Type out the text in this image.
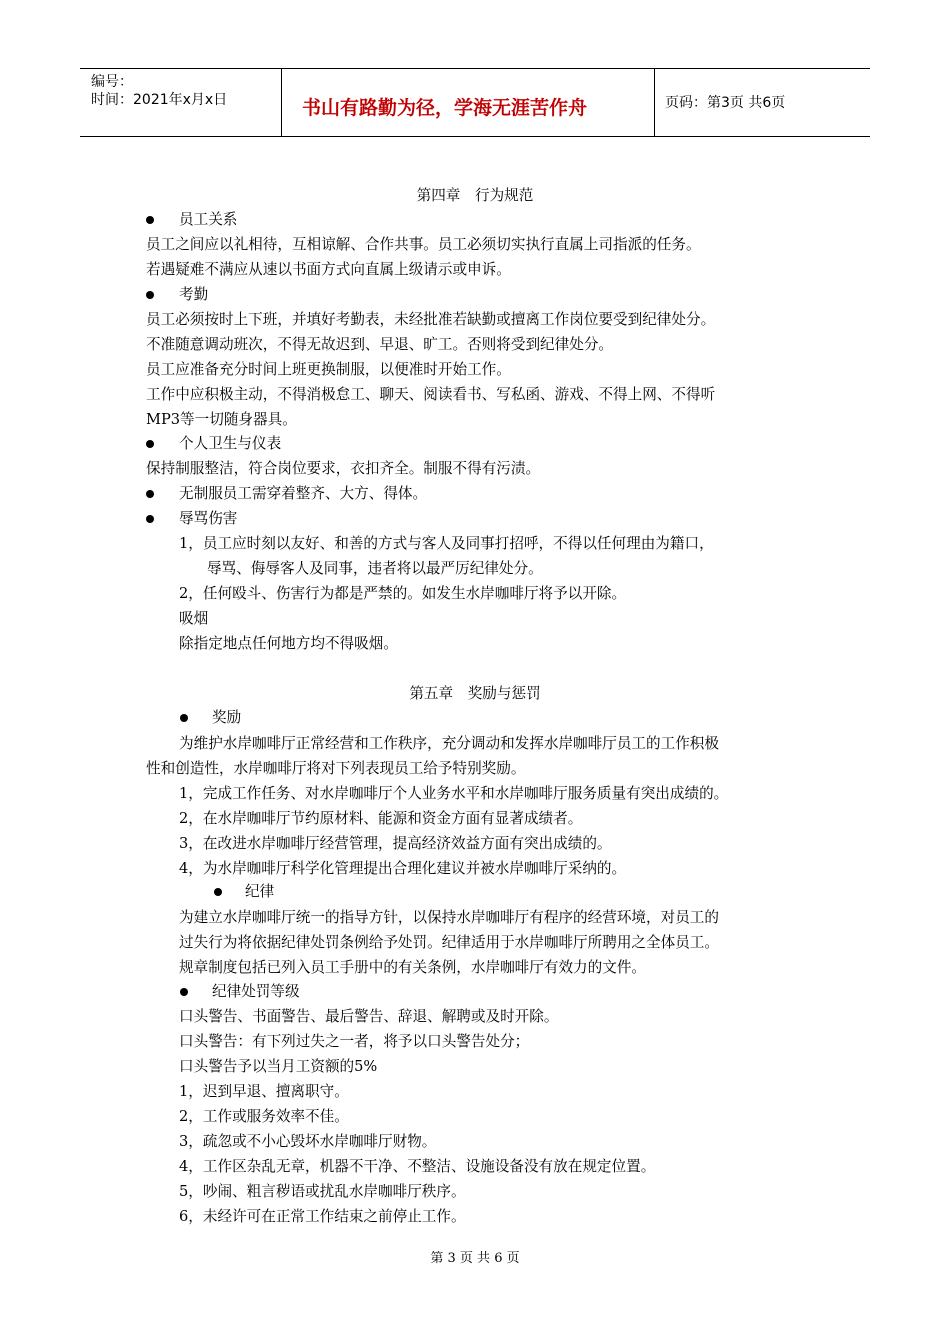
编号：
时间：2021年x月x日	书山有路勤为径，学海无涯苦作舟	页码：第3页 共6页
第四章　行为规范
员工关系
员工之间应以礼相待，互相谅解、合作共事。员工必须切实执行直属上司指派的任务。
若遇疑难不满应从速以书面方式向直属上级请示或申诉。
考勤
员工必须按时上下班，并填好考勤表，未经批准若缺勤或擅离工作岗位要受到纪律处分。
不准随意调动班次，不得无故迟到、早退、旷工。否则将受到纪律处分。
员工应准备充分时间上班更换制服，以便准时开始工作。
工作中应积极主动，不得消极怠工、聊天、阅读看书、写私函、游戏、不得上网、不得听
MP3等一切随身器具。
个人卫生与仪表
保持制服整洁，符合岗位要求，衣扣齐全。制服不得有污渍。
无制服员工需穿着整齐、大方、得体。
辱骂伤害
1，员工应时刻以友好、和善的方式与客人及同事打招呼，不得以任何理由为籍口，
辱骂、侮辱客人及同事，违者将以最严厉纪律处分。
2，任何殴斗、伤害行为都是严禁的。如发生水岸咖啡厅将予以开除。
吸烟
除指定地点任何地方均不得吸烟。
第五章　奖励与惩罚
奖励
为维护水岸咖啡厅正常经营和工作秩序，充分调动和发挥水岸咖啡厅员工的工作积极
性和创造性，水岸咖啡厅将对下列表现员工给予特别奖励。
1，完成工作任务、对水岸咖啡厅个人业务水平和水岸咖啡厅服务质量有突出成绩的。
2，在水岸咖啡厅节约原材料、能源和资金方面有显著成绩者。
3，在改进水岸咖啡厅经营管理，提高经济效益方面有突出成绩的。
4，为水岸咖啡厅科学化管理提出合理化建议并被水岸咖啡厅采纳的。
纪律
为建立水岸咖啡厅统一的指导方针，以保持水岸咖啡厅有程序的经营环境，对员工的
过失行为将依据纪律处罚条例给予处罚。纪律适用于水岸咖啡厅所聘用之全体员工。
规章制度包括已列入员工手册中的有关条例，水岸咖啡厅有效力的文件。
纪律处罚等级
口头警告、书面警告、最后警告、辞退、解聘或及时开除。
口头警告：有下列过失之一者，将予以口头警告处分；
口头警告予以当月工资额的5%
1，迟到早退、擅离职守。
2，工作或服务效率不佳。
3，疏忽或不小心毁坏水岸咖啡厅财物。
4，工作区杂乱无章，机器不干净、不整洁、设施设备没有放在规定位置。
5，吵闹、粗言秽语或扰乱水岸咖啡厅秩序。
6，未经许可在正常工作结束之前停止工作。
第 3 页 共 6 页
